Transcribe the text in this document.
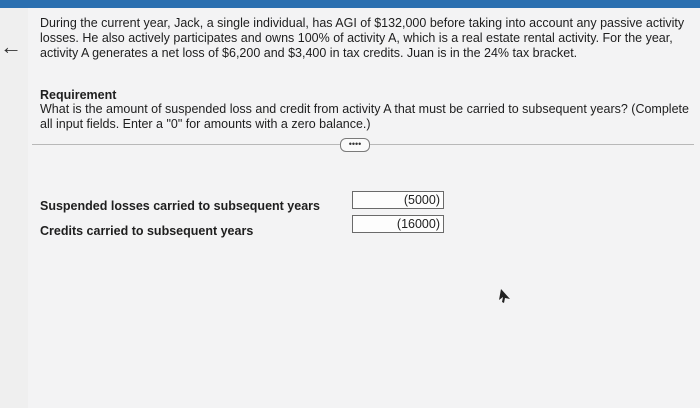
←
During the current year, Jack, a single individual, has AGI of $132,000 before taking into account any passive activity losses. He also actively participates and owns 100% of activity A, which is a real estate rental activity. For the year, activity A generates a net loss of $6,200 and $3,400 in tax credits. Juan is in the 24% tax bracket.
Requirement
What is the amount of suspended loss and credit from activity A that must be carried to subsequent years? (Complete all input fields. Enter a "0" for amounts with a zero balance.)
••••
Suspended losses carried to subsequent years
(5000)
Credits carried to subsequent years
(16000)
